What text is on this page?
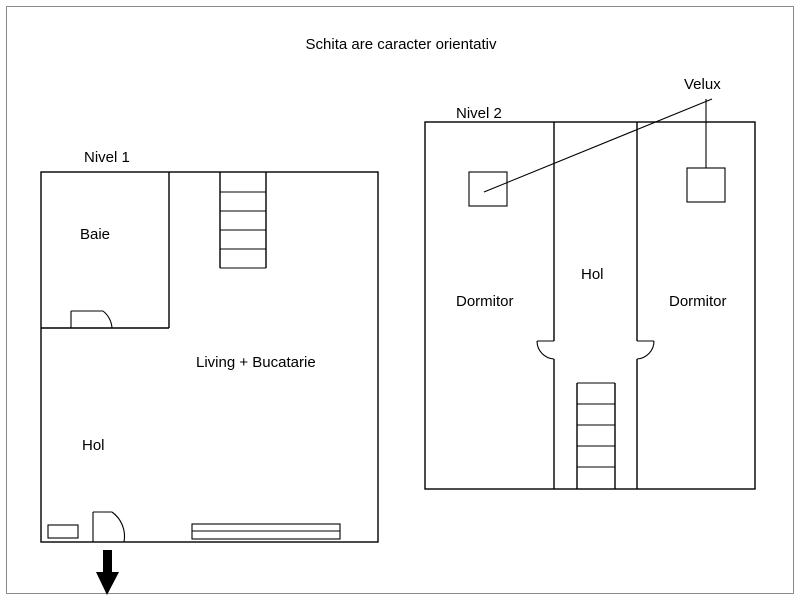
Schita are caracter orientativ
Nivel 1
Baie
Living + Bucatarie
Hol
Nivel 2
Dormitor
Hol
Dormitor
Velux
